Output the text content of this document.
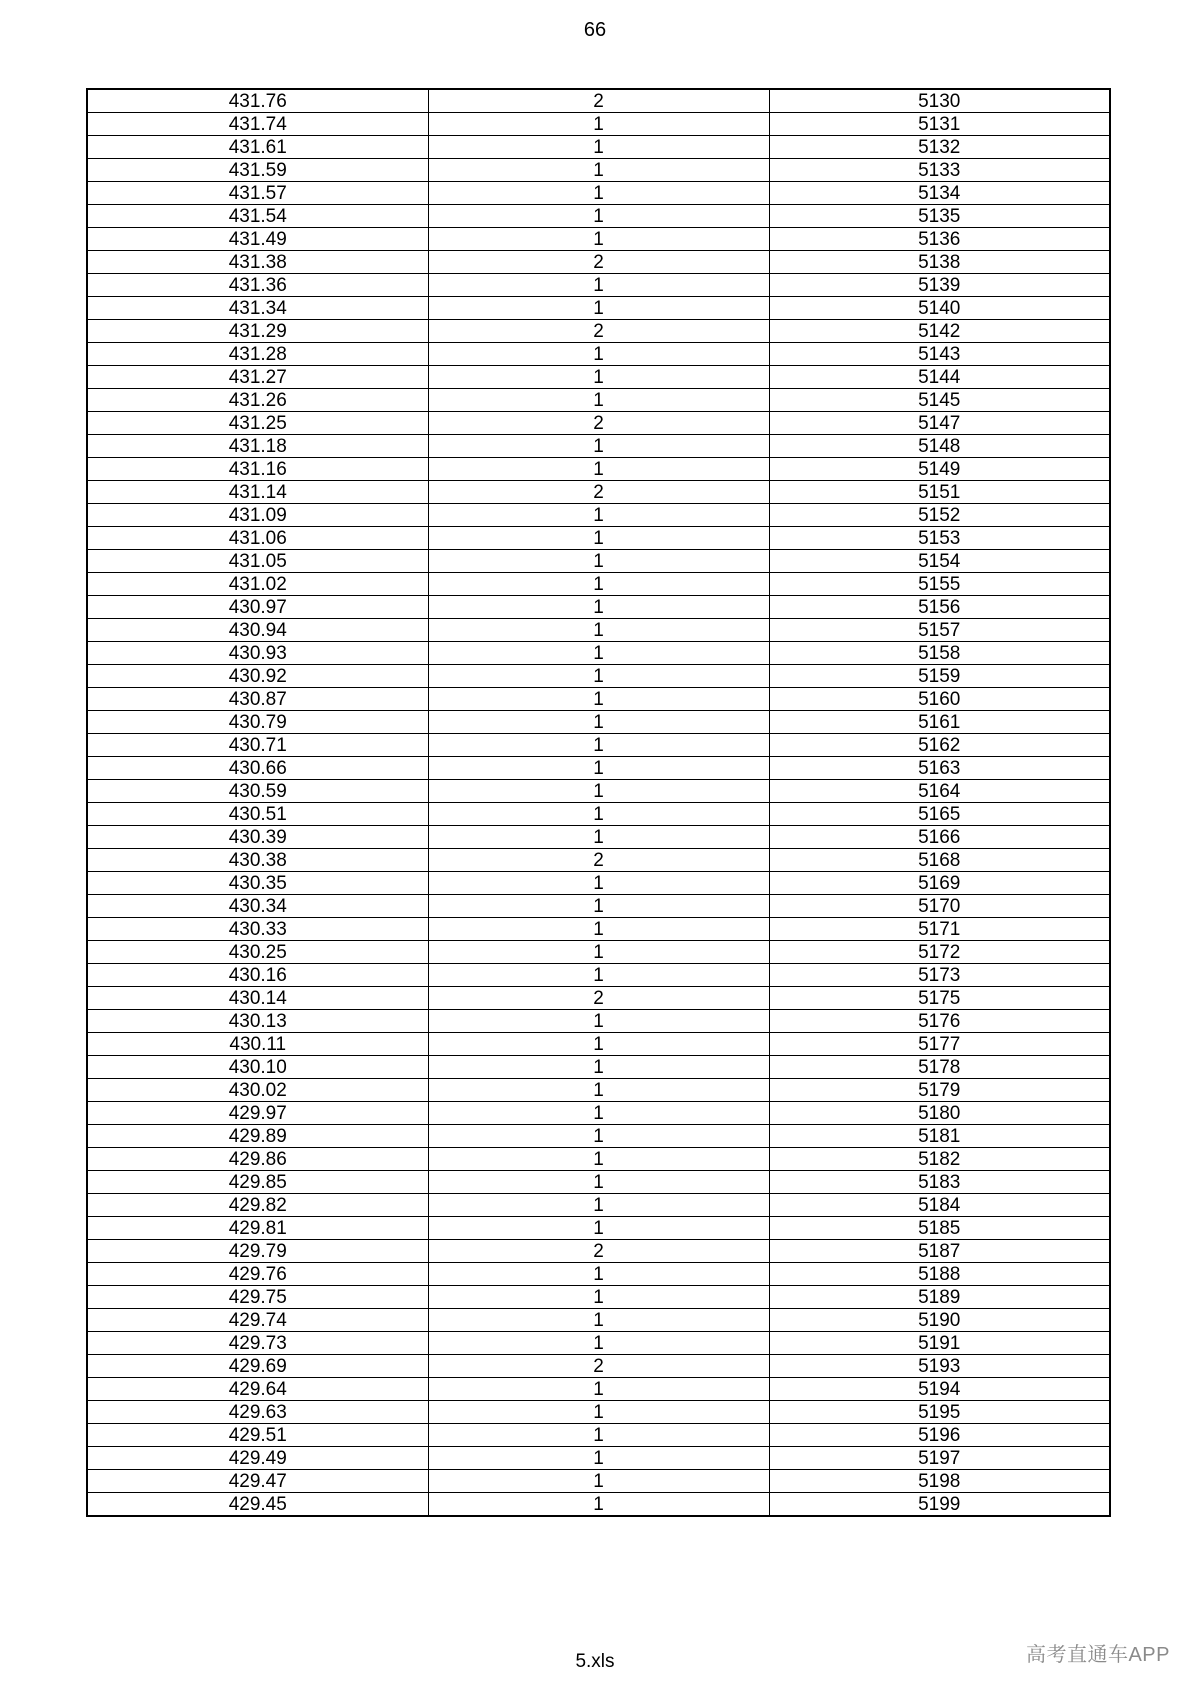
66
431.76	2	5130
431.74	1	5131
431.61	1	5132
431.59	1	5133
431.57	1	5134
431.54	1	5135
431.49	1	5136
431.38	2	5138
431.36	1	5139
431.34	1	5140
431.29	2	5142
431.28	1	5143
431.27	1	5144
431.26	1	5145
431.25	2	5147
431.18	1	5148
431.16	1	5149
431.14	2	5151
431.09	1	5152
431.06	1	5153
431.05	1	5154
431.02	1	5155
430.97	1	5156
430.94	1	5157
430.93	1	5158
430.92	1	5159
430.87	1	5160
430.79	1	5161
430.71	1	5162
430.66	1	5163
430.59	1	5164
430.51	1	5165
430.39	1	5166
430.38	2	5168
430.35	1	5169
430.34	1	5170
430.33	1	5171
430.25	1	5172
430.16	1	5173
430.14	2	5175
430.13	1	5176
430.11	1	5177
430.10	1	5178
430.02	1	5179
429.97	1	5180
429.89	1	5181
429.86	1	5182
429.85	1	5183
429.82	1	5184
429.81	1	5185
429.79	2	5187
429.76	1	5188
429.75	1	5189
429.74	1	5190
429.73	1	5191
429.69	2	5193
429.64	1	5194
429.63	1	5195
429.51	1	5196
429.49	1	5197
429.47	1	5198
429.45	1	5199
5.xls	高考直通车APP
